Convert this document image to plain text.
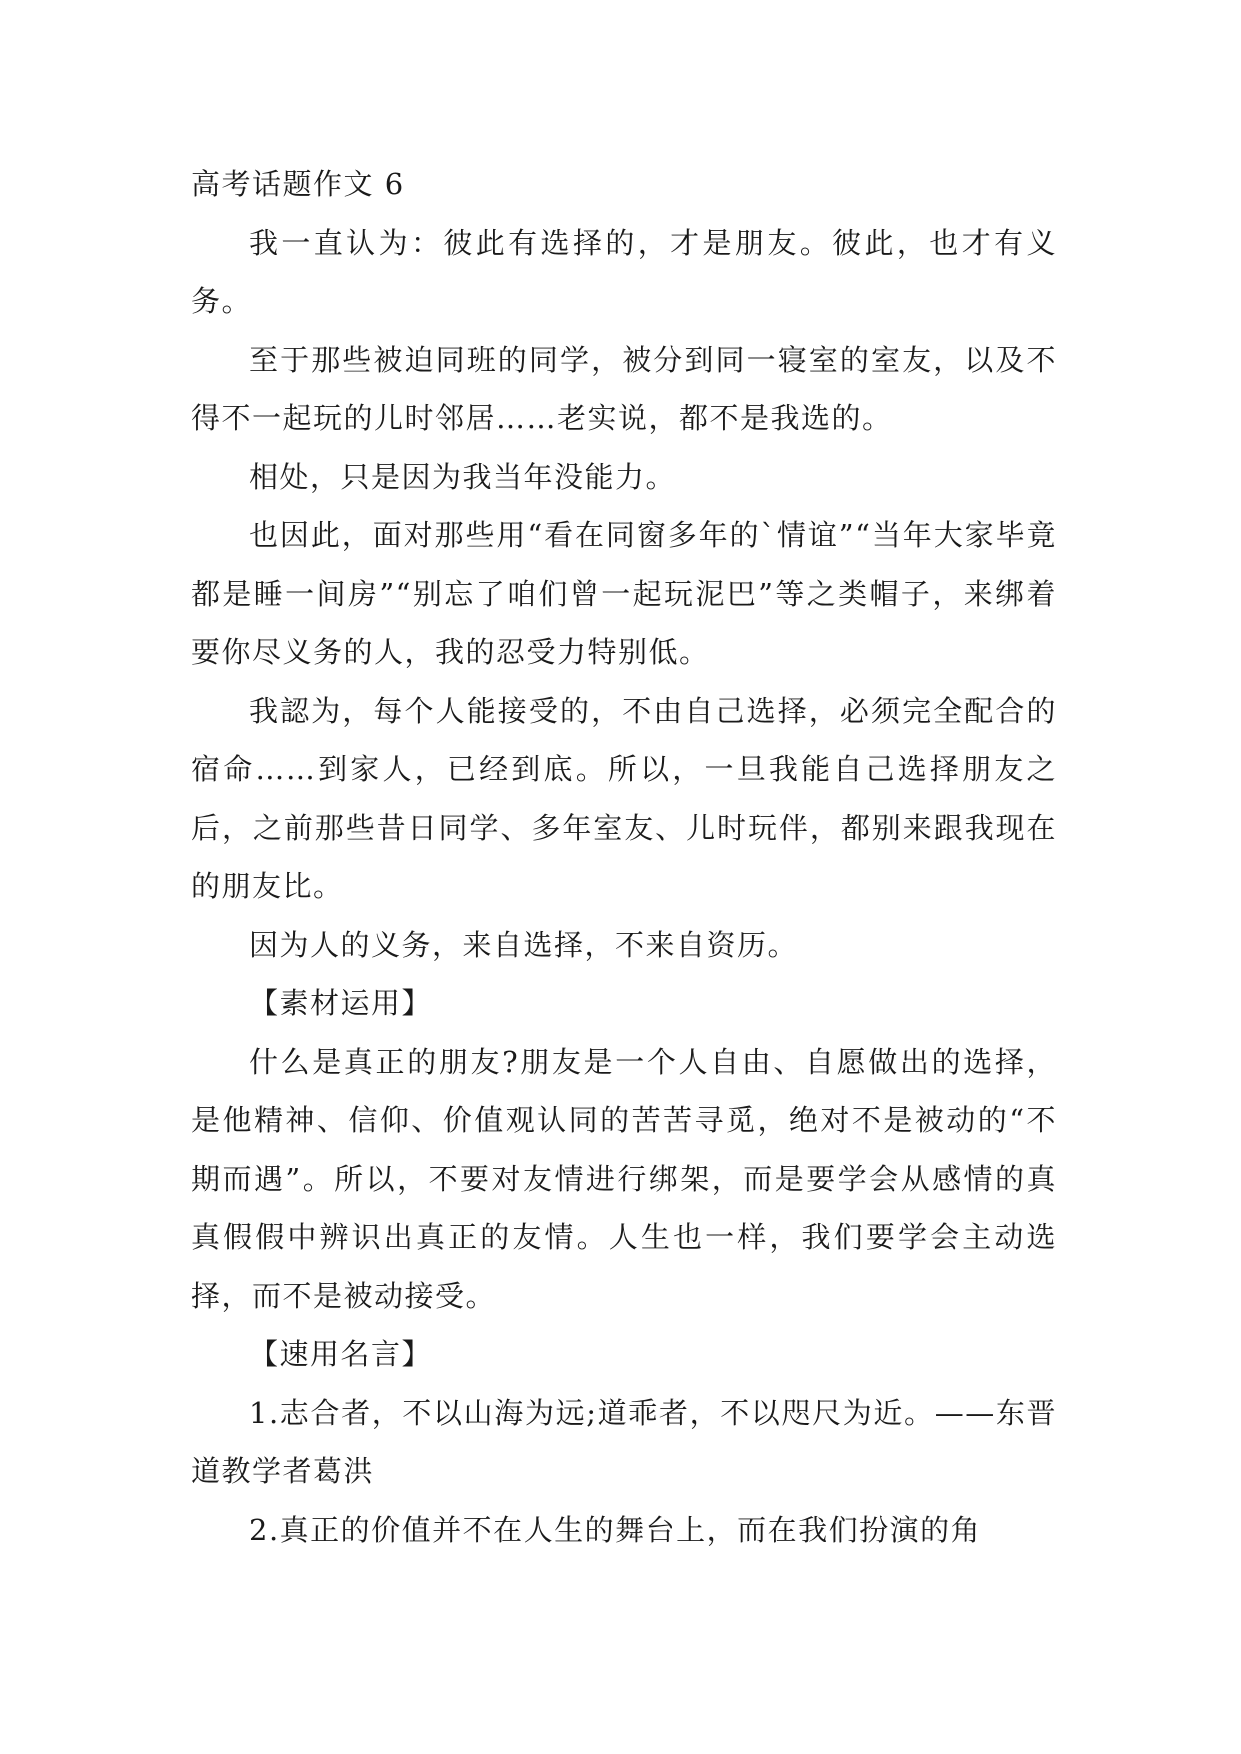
高考话题作文 6

我一直认为：彼此有选择的，才是朋友。彼此，也才有义务。

至于那些被迫同班的同学，被分到同一寝室的室友，以及不得不一起玩的儿时邻居……老实说，都不是我选的。

相处，只是因为我当年没能力。

也因此，面对那些用“看在同窗多年的`情谊”“当年大家毕竟都是睡一间房”“别忘了咱们曾一起玩泥巴”等之类帽子，来绑着要你尽义务的人，我的忍受力特别低。

我認为，每个人能接受的，不由自己选择，必须完全配合的宿命……到家人，已经到底。所以，一旦我能自己选择朋友之后，之前那些昔日同学、多年室友、儿时玩伴，都别来跟我现在的朋友比。

因为人的义务，来自选择，不来自资历。

【素材运用】

什么是真正的朋友?朋友是一个人自由、自愿做出的选择，是他精神、信仰、价值观认同的苦苦寻觅，绝对不是被动的“不期而遇”。所以，不要对友情进行绑架，而是要学会从感情的真真假假中辨识出真正的友情。人生也一样，我们要学会主动选择，而不是被动接受。

【速用名言】

1.志合者，不以山海为远;道乖者，不以咫尺为近。——东晋道教学者葛洪

2.真正的价值并不在人生的舞台上，而在我们扮演的角
